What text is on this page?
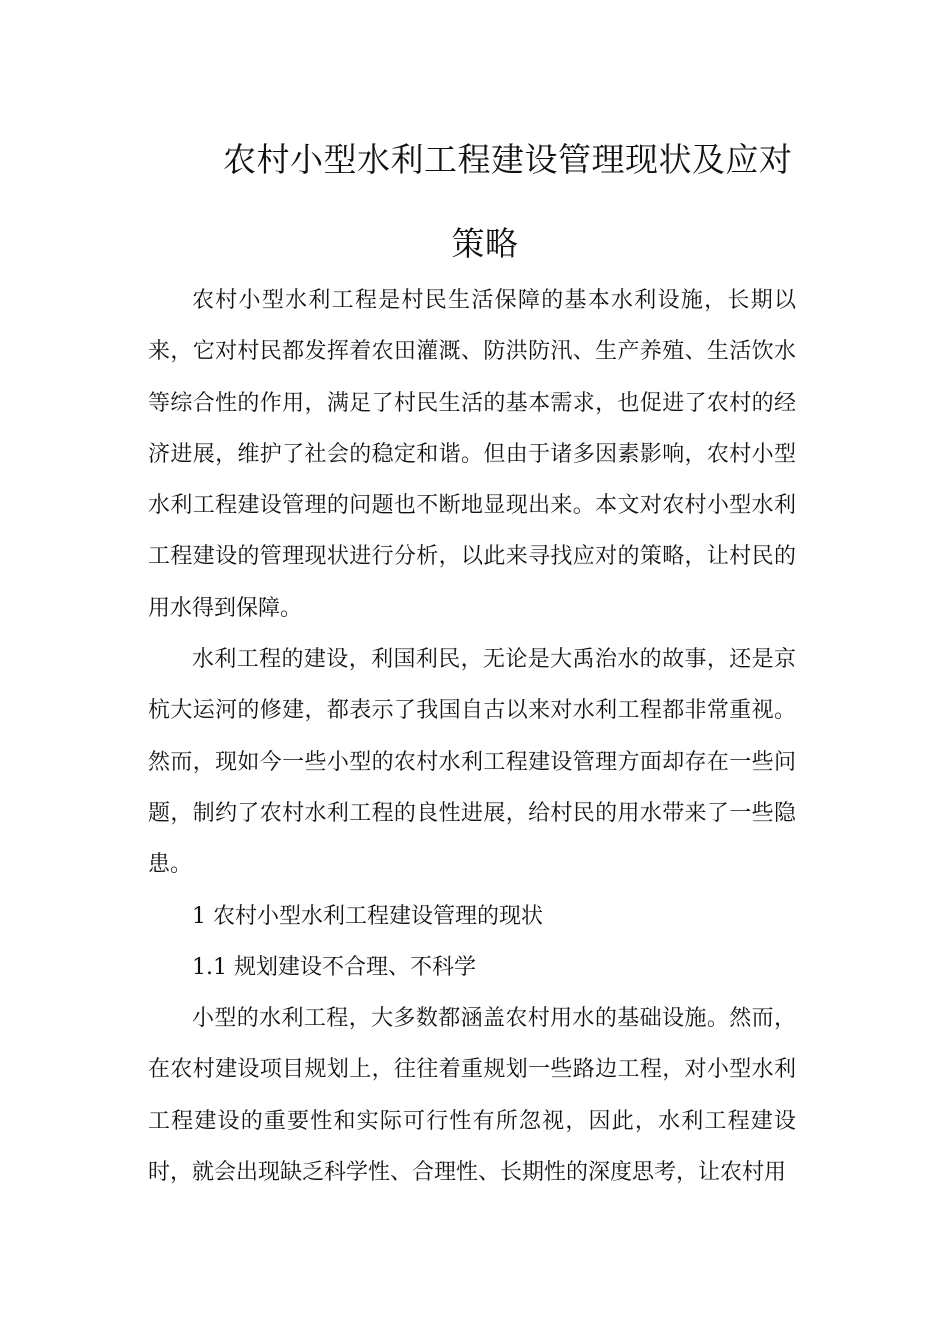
农村小型水利工程建设管理现状及应对
策略

农村小型水利工程是村民生活保障的基本水利设施，长期以来，它对村民都发挥着农田灌溉、防洪防汛、生产养殖、生活饮水等综合性的作用，满足了村民生活的基本需求，也促进了农村的经济进展，维护了社会的稳定和谐。但由于诸多因素影响，农村小型水利工程建设管理的问题也不断地显现出来。本文对农村小型水利工程建设的管理现状进行分析，以此来寻找应对的策略，让村民的用水得到保障。

水利工程的建设，利国利民，无论是大禹治水的故事，还是京杭大运河的修建，都表示了我国自古以来对水利工程都非常重视。然而，现如今一些小型的农村水利工程建设管理方面却存在一些问题，制约了农村水利工程的良性进展，给村民的用水带来了一些隐患。

1 农村小型水利工程建设管理的现状

1.1 规划建设不合理、不科学

小型的水利工程，大多数都涵盖农村用水的基础设施。然而，在农村建设项目规划上，往往着重规划一些路边工程，对小型水利工程建设的重要性和实际可行性有所忽视，因此，水利工程建设时，就会出现缺乏科学性、合理性、长期性的深度思考，让农村用
